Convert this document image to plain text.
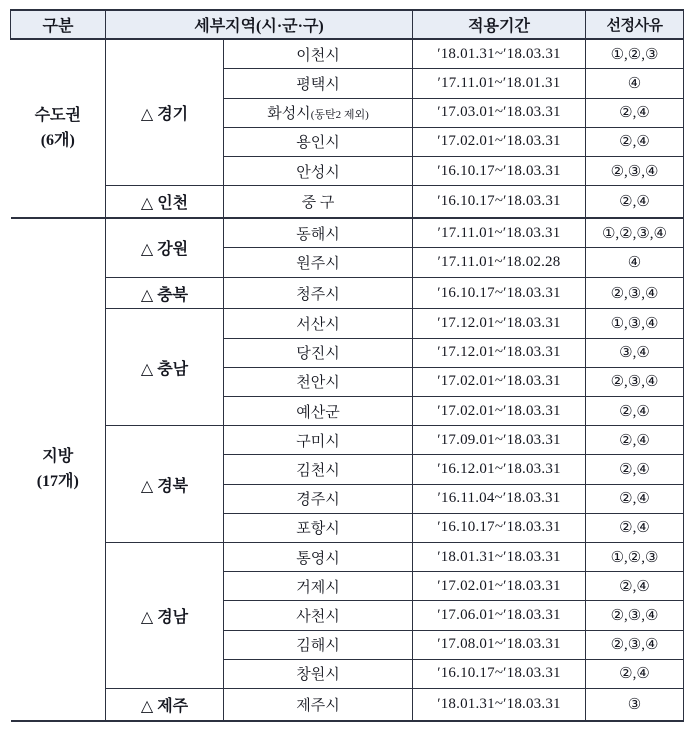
구분	세부지역(시·군·구)		적용기간	선정사유

수도권
(6개)	△ 경기	이천시	′18.01.31~′18.03.31	①,②,③
		평택시	′17.11.01~′18.01.31	④
		화성시(동탄2 제외)	′17.03.01~′18.03.31	②,④
		용인시	′17.02.01~′18.03.31	②,④
		안성시	′16.10.17~′18.03.31	②,③,④
	△ 인천	중 구	′16.10.17~′18.03.31	②,④

지방
(17개)	△ 강원	동해시	′17.11.01~′18.03.31	①,②,③,④
		원주시	′17.11.01~′18.02.28	④
	△ 충북	청주시	′16.10.17~′18.03.31	②,③,④
	△ 충남	서산시	′17.12.01~′18.03.31	①,③,④
		당진시	′17.12.01~′18.03.31	③,④
		천안시	′17.02.01~′18.03.31	②,③,④
		예산군	′17.02.01~′18.03.31	②,④
	△ 경북	구미시	′17.09.01~′18.03.31	②,④
		김천시	′16.12.01~′18.03.31	②,④
		경주시	′16.11.04~′18.03.31	②,④
		포항시	′16.10.17~′18.03.31	②,④
	△ 경남	통영시	′18.01.31~′18.03.31	①,②,③
		거제시	′17.02.01~′18.03.31	②,④
		사천시	′17.06.01~′18.03.31	②,③,④
		김해시	′17.08.01~′18.03.31	②,③,④
		창원시	′16.10.17~′18.03.31	②,④
	△ 제주	제주시	′18.01.31~′18.03.31	③
